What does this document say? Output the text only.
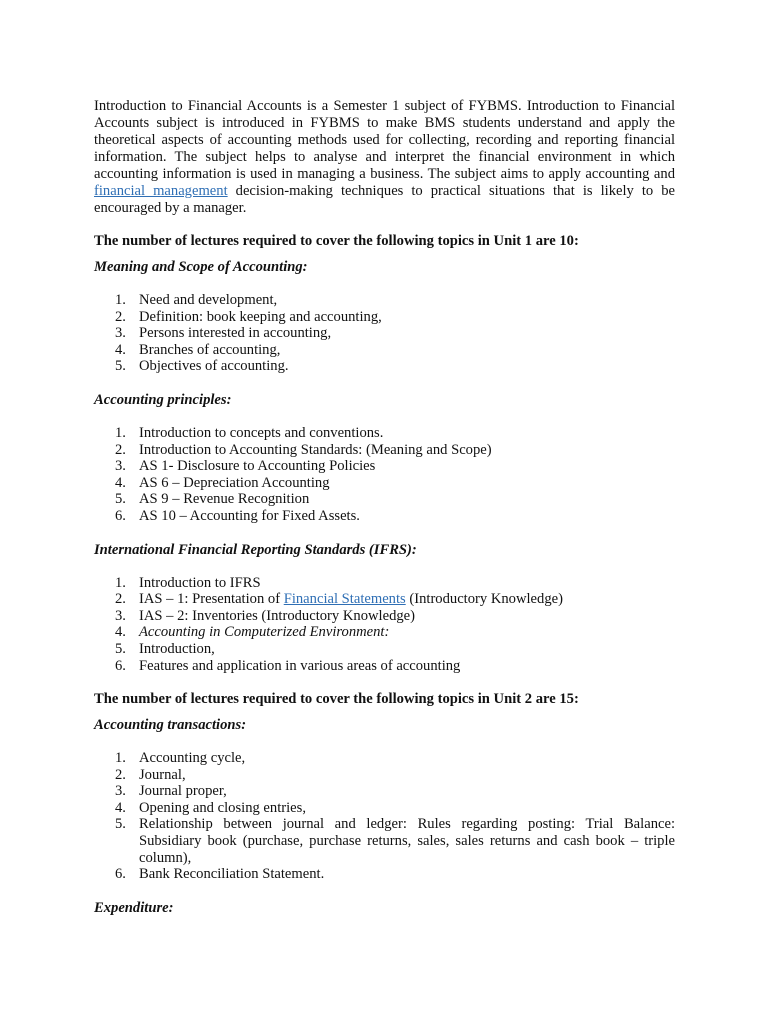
Introduction to Financial Accounts is a Semester 1 subject of FYBMS. Introduction to Financial Accounts subject is introduced in FYBMS to make BMS students understand and apply the theoretical aspects of accounting methods used for collecting, recording and reporting financial information. The subject helps to analyse and interpret the financial environment in which accounting information is used in managing a business. The subject aims to apply accounting and financial management decision-making techniques to practical situations that is likely to be encouraged by a manager.

The number of lectures required to cover the following topics in Unit 1 are 10:

Meaning and Scope of Accounting:

1. Need and development,
2. Definition: book keeping and accounting,
3. Persons interested in accounting,
4. Branches of accounting,
5. Objectives of accounting.

Accounting principles:

1. Introduction to concepts and conventions.
2. Introduction to Accounting Standards: (Meaning and Scope)
3. AS 1- Disclosure to Accounting Policies
4. AS 6 – Depreciation Accounting
5. AS 9 – Revenue Recognition
6. AS 10 – Accounting for Fixed Assets.

International Financial Reporting Standards (IFRS):

1. Introduction to IFRS
2. IAS – 1: Presentation of Financial Statements (Introductory Knowledge)
3. IAS – 2: Inventories (Introductory Knowledge)
4. Accounting in Computerized Environment:
5. Introduction,
6. Features and application in various areas of accounting

The number of lectures required to cover the following topics in Unit 2 are 15:

Accounting transactions:

1. Accounting cycle,
2. Journal,
3. Journal proper,
4. Opening and closing entries,
5. Relationship between journal and ledger: Rules regarding posting: Trial Balance: Subsidiary book (purchase, purchase returns, sales, sales returns and cash book – triple column),
6. Bank Reconciliation Statement.

Expenditure:
